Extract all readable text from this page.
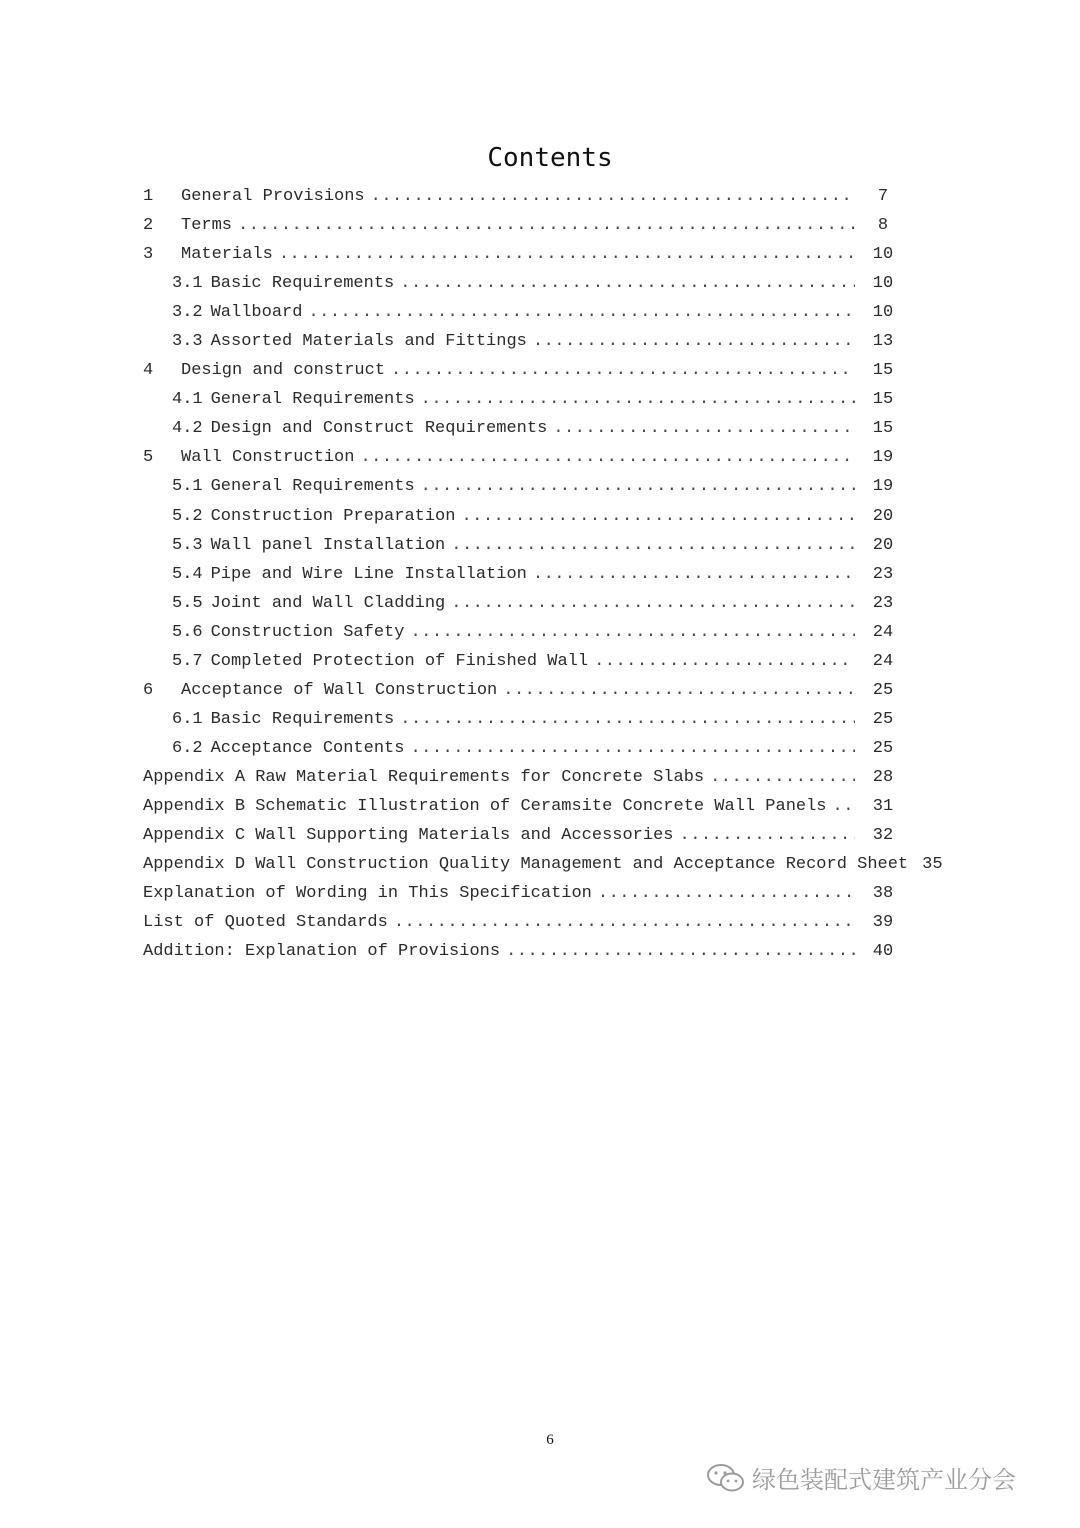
Contents
1	General Provisions .....	7
2	Terms .....	8
3	Materials .....	10
3.1 Basic Requirements .....	10
3.2 Wallboard .....	10
3.3 Assorted Materials and Fittings .....	13
4	Design and construct .....	15
4.1 General Requirements .....	15
4.2 Design and Construct Requirements .....	15
5	Wall Construction .....	19
5.1 General Requirements .....	19
5.2 Construction Preparation .....	20
5.3 Wall panel Installation .....	20
5.4 Pipe and Wire Line Installation .....	23
5.5 Joint and Wall Cladding .....	23
5.6 Construction Safety .....	24
5.7 Completed Protection of Finished Wall .....	24
6	Acceptance of Wall Construction .....	25
6.1 Basic Requirements .....	25
6.2 Acceptance Contents .....	25
Appendix A Raw Material Requirements for Concrete Slabs .....	28
Appendix B Schematic Illustration of Ceramsite Concrete Wall Panels .....	31
Appendix C Wall Supporting Materials and Accessories .....	32
Appendix D Wall Construction Quality Management and Acceptance Record Sheet 35
Explanation of Wording in This Specification .....	38
List of Quoted Standards .....	39
Addition: Explanation of Provisions .....	40
6
绿色装配式建筑产业分会
